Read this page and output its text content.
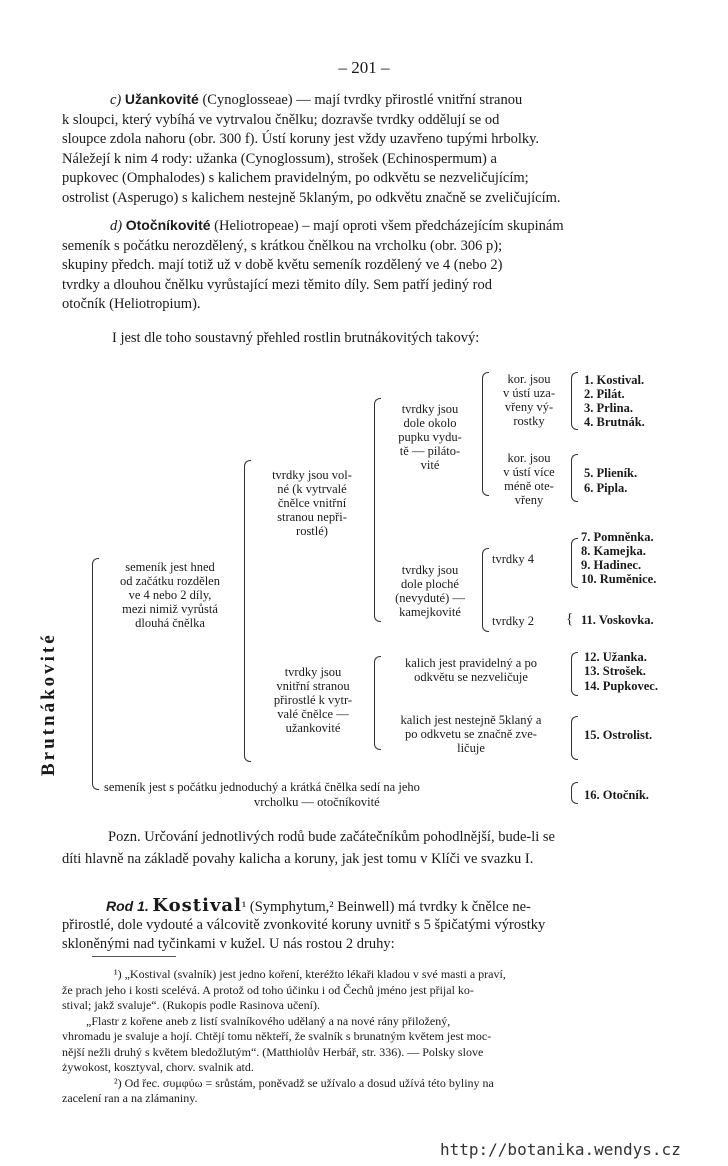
– 201 –
c) Užankovité (Cynoglosseae) — mají tvrdky přirostlé vnitřní stranou
k sloupci, který vybíhá ve vytrvalou čnělku; dozravše tvrdky oddělují se od
sloupce zdola nahoru (obr. 300 f). Ústí koruny jest vždy uzavřeno tupými hrbolky.
Náležejí k nim 4 rody: užanka (Cynoglossum), strošek (Echinospermum) a
pupkovec (Omphalodes) s kalichem pravidelným, po odkvětu se nezveličujícím;
ostrolist (Asperugo) s kalichem nestejně 5klaným, po odkvětu značně se zveličujícím.
d) Otočníkovité (Heliotropeae) – mají oproti všem předcházejícím skupinám
semeník s počátku nerozdělený, s krátkou čnělkou na vrcholku (obr. 306 p);
skupiny předch. mají totiž už v době květu semeník rozdělený ve 4 (nebo 2)
tvrdky a dlouhou čnělku vyrůstající mezi těmito díly. Sem patří jediný rod
otočník (Heliotropium).
I jest dle toho soustavný přehled rostlin brutnákovitých takový:
Brutnákovité
semeník jest hned
od začátku rozdělen
ve 4 nebo 2 díly,
mezi nimiž vyrůstá
dlouhá čnělka
tvrdky jsou vol-
né (k vytrvalé
čnělce vnitřní
stranou nepři-
rostlé)
tvrdky jsou
dole okolo
pupku vydu-
tě — piláto-
vité
kor. jsou
v ústí uza-
vřeny vý-
rostky
kor. jsou
v ústí více
méně ote-
vřeny
tvrdky jsou
dole ploché
(nevyduté) —
kamejkovité
tvrdky 4
tvrdky 2
tvrdky jsou
vnitřní stranou
přirostlé k vytr-
valé čnělce —
užankovité
kalich jest pravidelný a po
odkvětu se nezveličuje
kalich jest nestejně 5klaný a
po odkvetu se značně zve-
ličuje
semeník jest s počátku jednoduchý a krátká čnělka sedí na jeho
vrcholku — otočníkovité
1. Kostival.
2. Pilát.
3. Prlina.
4. Brutnák.
5. Plieník.
6. Pipla.
7. Pomněnka.
8. Kamejka.
9. Hadinec.
10. Ruměnice.
{ 11. Voskovka.
12. Užanka.
13. Strošek.
14. Pupkovec.
15. Ostrolist.
16. Otočník.
Pozn. Určování jednotlivých rodů bude začátečníkům pohodlnější, bude-li se
díti hlavně na základě povahy kalicha a koruny, jak jest tomu v Klíči ve svazku I.
Rod 1. Kostival¹ (Symphytum,² Beinwell) má tvrdky k čnělce ne-
přirostlé, dole vydouté a válcovitě zvonkovité koruny uvnitř s 5 špičatými výrostky
skloněnými nad tyčinkami v kužel. U nás rostou 2 druhy:

¹) „Kostival (svalník) jest jedno koření, kteréžto lékaři kladou v své masti a praví,

že prach jeho i kosti scelévá. A protož od toho účinku i od Čechů jméno jest přijal ko-

stival; jakž svaluje“. (Rukopis podle Rasinova učení).

„Flastr z kořene aneb z listí svalníkového udělaný a na nové rány přiložený,

vhromadu je svaluje a hojí. Chtějí tomu někteří, že svalník s brunatným květem jest moc-

nější nežli druhý s květem bledožlutým“. (Matthiolův Herbář, str. 336). — Polsky slove

żywokost, kosztyval, chorv. svalnik atd.

²) Od řec. συμφύω = srůstám, poněvadž se užívalo a dosud užívá této byliny na

zacelení ran a na zlámaniny.

http://botanika.wendys.cz
